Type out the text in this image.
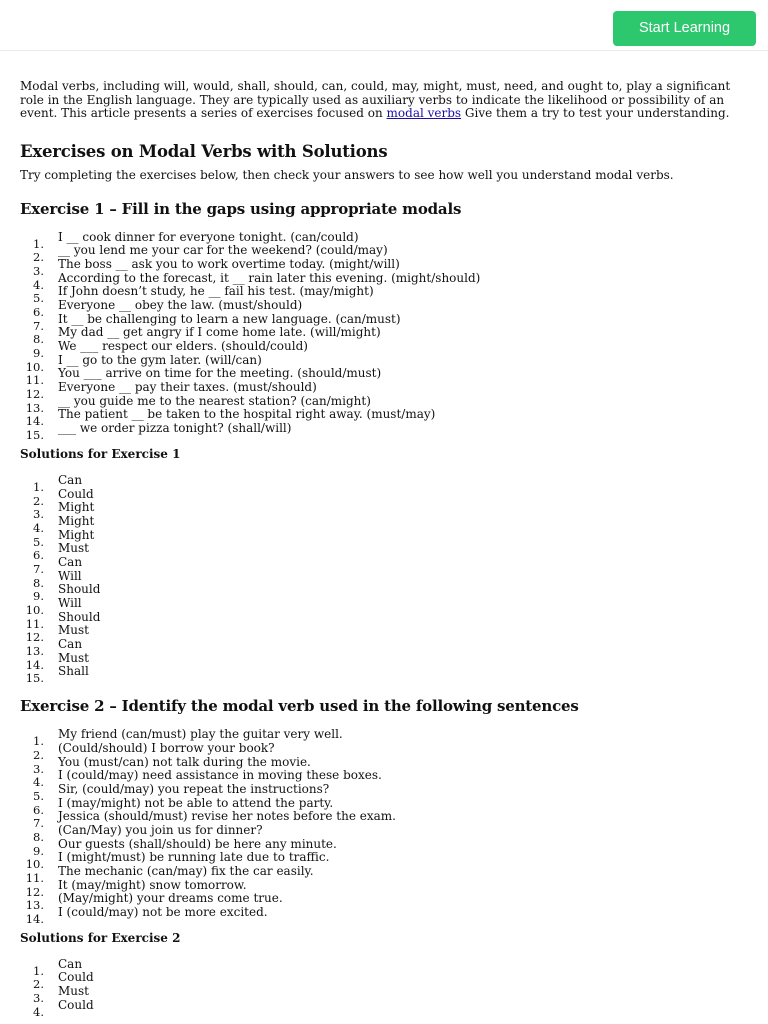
Start Learning

Modal verbs, including will, would, shall, should, can, could, may, might, must, need, and ought to, play a significant role in the English language. They are typically used as auxiliary verbs to indicate the likelihood or possibility of an event. This article presents a series of exercises focused on modal verbs Give them a try to test your understanding.

Exercises on Modal Verbs with Solutions

Try completing the exercises below, then check your answers to see how well you understand modal verbs.

Exercise 1 – Fill in the gaps using appropriate modals
1. I __ cook dinner for everyone tonight. (can/could)
2. __ you lend me your car for the weekend? (could/may)
3. The boss __ ask you to work overtime today. (might/will)
4. According to the forecast, it __ rain later this evening. (might/should)
5. If John doesn’t study, he __ fail his test. (may/might)
6. Everyone __ obey the law. (must/should)
7. It __ be challenging to learn a new language. (can/must)
8. My dad __ get angry if I come home late. (will/might)
9. We ___ respect our elders. (should/could)
10. I __ go to the gym later. (will/can)
11. You ___ arrive on time for the meeting. (should/must)
12. Everyone __ pay their taxes. (must/should)
13. __ you guide me to the nearest station? (can/might)
14. The patient __ be taken to the hospital right away. (must/may)
15. ___ we order pizza tonight? (shall/will)
Solutions for Exercise 1
1. Can
2. Could
3. Might
4. Might
5. Might
6. Must
7. Can
8. Will
9. Should
10. Will
11. Should
12. Must
13. Can
14. Must
15. Shall
Exercise 2 – Identify the modal verb used in the following sentences
1. My friend (can/must) play the guitar very well.
2. (Could/should) I borrow your book?
3. You (must/can) not talk during the movie.
4. I (could/may) need assistance in moving these boxes.
5. Sir, (could/may) you repeat the instructions?
6. I (may/might) not be able to attend the party.
7. Jessica (should/must) revise her notes before the exam.
8. (Can/May) you join us for dinner?
9. Our guests (shall/should) be here any minute.
10. I (might/must) be running late due to traffic.
11. The mechanic (can/may) fix the car easily.
12. It (may/might) snow tomorrow.
13. (May/might) your dreams come true.
14. I (could/may) not be more excited.
Solutions for Exercise 2
1. Can
2. Could
3. Must
4. Could
